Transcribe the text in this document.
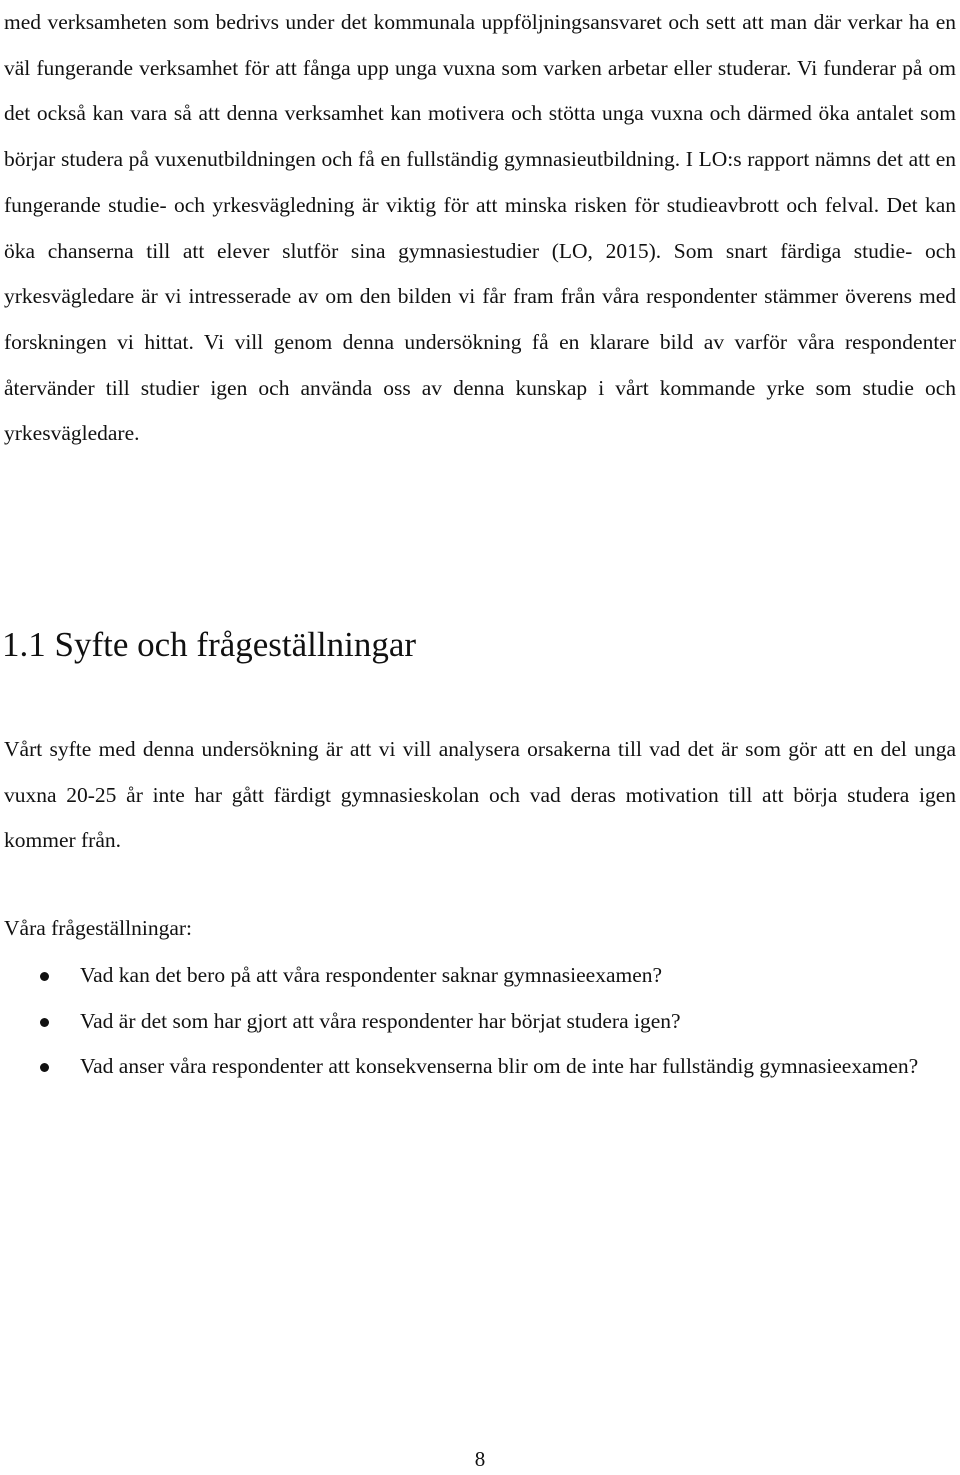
med verksamheten som bedrivs under det kommunala uppföljningsansvaret och sett att man där verkar ha en väl fungerande verksamhet för att fånga upp unga vuxna som varken arbetar eller studerar. Vi funderar på om det också kan vara så att denna verksamhet kan motivera och stötta unga vuxna och därmed öka antalet som börjar studera på vuxenutbildningen och få en fullständig gymnasieutbildning. I LO:s rapport nämns det att en fungerande studie- och yrkesvägledning är viktig för att minska risken för studieavbrott och felval. Det kan öka chanserna till att elever slutför sina gymnasiestudier (LO, 2015). Som snart färdiga studie- och yrkesvägledare är vi intresserade av om den bilden vi får fram från våra respondenter stämmer överens med forskningen vi hittat. Vi vill genom denna undersökning få en klarare bild av varför våra respondenter återvänder till studier igen och använda oss av denna kunskap i vårt kommande yrke som studie och yrkesvägledare.

1.1 Syfte och frågeställningar

Vårt syfte med denna undersökning är att vi vill analysera orsakerna till vad det är som gör att en del unga vuxna 20-25 år inte har gått färdigt gymnasieskolan och vad deras motivation till att börja studera igen kommer från.

Våra frågeställningar:

Vad kan det bero på att våra respondenter saknar gymnasieexamen?
Vad är det som har gjort att våra respondenter har börjat studera igen?
Vad anser våra respondenter att konsekvenserna blir om de inte har fullständig gymnasieexamen?

8
